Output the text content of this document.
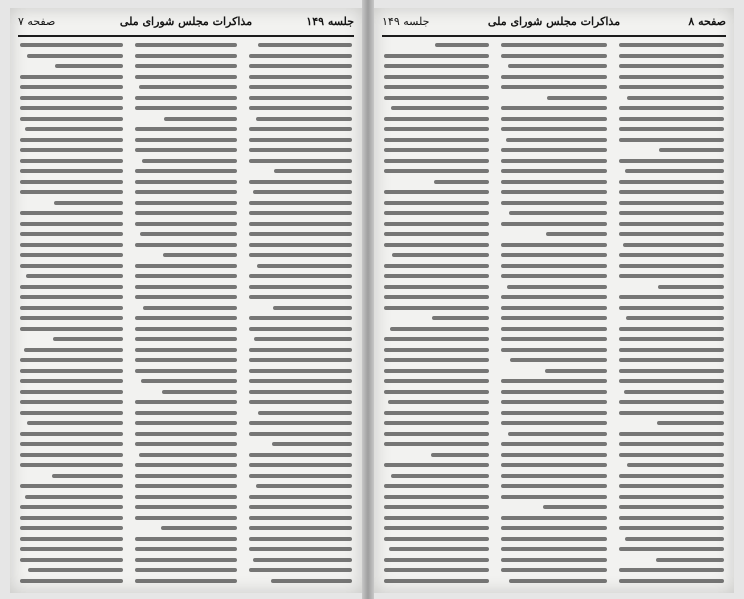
صفحه ۷	مذاکرات مجلس شورای ملی	جلسه ۱۴۹	جلسه ۱۴۹	مذاکرات مجلس شورای ملی	صفحه ۸
